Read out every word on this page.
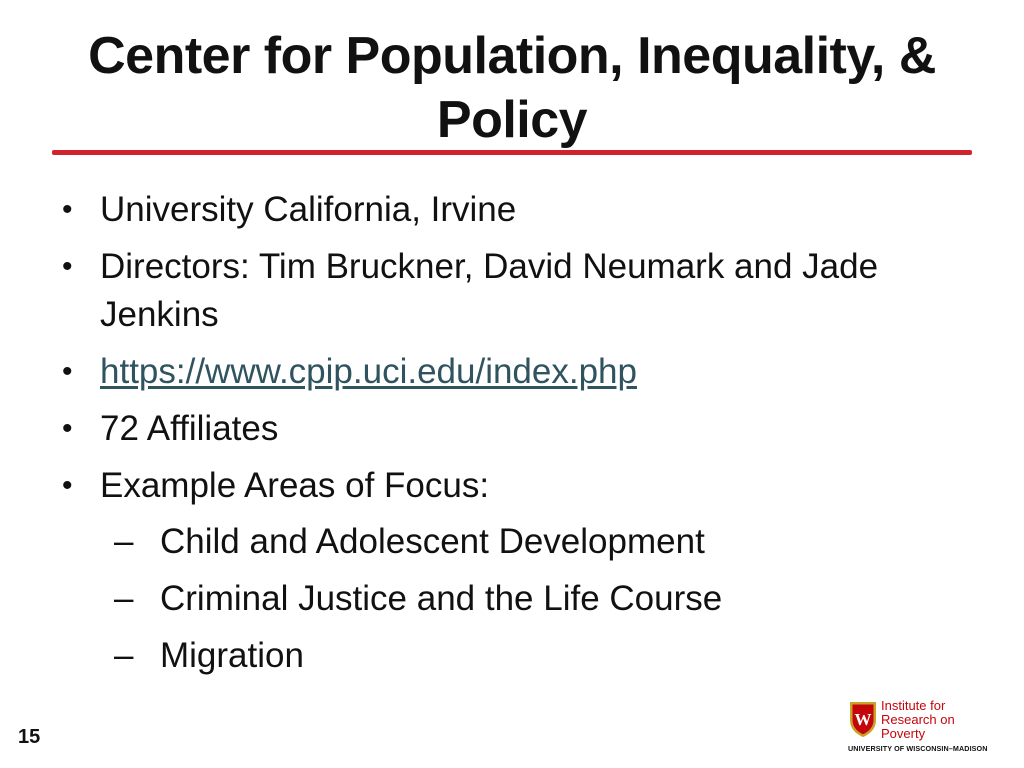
Center for Population, Inequality, & Policy
• University California, Irvine
• Directors: Tim Bruckner, David Neumark and Jade Jenkins
• https://www.cpip.uci.edu/index.php
• 72 Affiliates
• Example Areas of Focus:
– Child and Adolescent Development
– Criminal Justice and the Life Course
– Migration
15
W
Institute for
Research on
Poverty
UNIVERSITY OF WISCONSIN–MADISON
